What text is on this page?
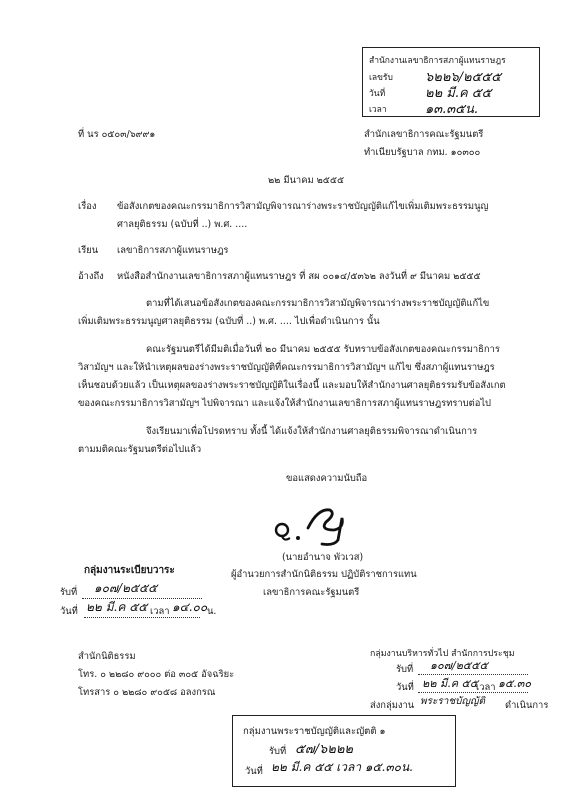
สำนักงานเลขาธิการสภาผู้แทนราษฎร
เลขรับ ๖๒๒๖/๒๕๕๕
วันที่	๒๒ มี.ค ๕๕
เวลา	๑๓.๓๕น.
ที่ นร ๐๕๐๓/๖๙๙๑	สำนักเลขาธิการคณะรัฐมนตรี
ทำเนียบรัฐบาล กทม. ๑๐๓๐๐
๒๒ มีนาคม ๒๕๕๕
เรื่อง ข้อสังเกตของคณะกรรมาธิการวิสามัญพิจารณาร่างพระราชบัญญัติแก้ไขเพิ่มเติมพระธรรมนูญ
ศาลยุติธรรม (ฉบับที่ ..) พ.ศ. ....
เรียน เลขาธิการสภาผู้แทนราษฎร
อ้างถึง หนังสือสำนักงานเลขาธิการสภาผู้แทนราษฎร ที่ สผ ๐๐๑๔/๕๓๖๒ ลงวันที่ ๙ มีนาคม ๒๕๕๕
ตามที่ได้เสนอข้อสังเกตของคณะกรรมาธิการวิสามัญพิจารณาร่างพระราชบัญญัติแก้ไข
เพิ่มเติมพระธรรมนูญศาลยุติธรรม (ฉบับที่ ..) พ.ศ. .... ไปเพื่อดำเนินการ นั้น
คณะรัฐมนตรีได้มีมติเมื่อวันที่ ๒๐ มีนาคม ๒๕๕๕ รับทราบข้อสังเกตของคณะกรรมาธิการ
วิสามัญฯ และให้นำเหตุผลของร่างพระราชบัญญัติที่คณะกรรมาธิการวิสามัญฯ แก้ไข ซึ่งสภาผู้แทนราษฎร
เห็นชอบด้วยแล้ว เป็นเหตุผลของร่างพระราชบัญญัติในเรื่องนี้ และมอบให้สำนักงานศาลยุติธรรมรับข้อสังเกต
ของคณะกรรมาธิการวิสามัญฯ ไปพิจารณา และแจ้งให้สำนักงานเลขาธิการสภาผู้แทนราษฎรทราบต่อไป
จึงเรียนมาเพื่อโปรดทราบ ทั้งนี้ ได้แจ้งให้สำนักงานศาลยุติธรรมพิจารณาดำเนินการ
ตามมติคณะรัฐมนตรีต่อไปแล้ว
ขอแสดงความนับถือ
(นายอำนาจ พัวเวส)
ผู้อำนวยการสำนักนิติธรรม ปฏิบัติราชการแทน
เลขาธิการคณะรัฐมนตรี
กลุ่มงานระเบียบวาระ
รับที่ ๑๐๗/๒๕๕๕
วันที่ ๒๒ มี.ค ๕๕ เวลา ๑๔.๐๐ น.
สำนักนิติธรรม
โทร. ๐ ๒๒๘๐ ๙๐๐๐ ต่อ ๓๐๕ อัจฉริยะ
โทรสาร ๐ ๒๒๘๐ ๙๐๕๘ อลงกรณ
กลุ่มงานบริหารทั่วไป สำนักการประชุม
รับที่ ๑๐๗/๒๕๕๕
วันที่ ๒๒ มี.ค ๕๕
เวลา ๑๕.๓๐
ส่งกลุ่มงาน พระราชบัญญัติ ดำเนินการ
กลุ่มงานพระราชบัญญัติและญัตติ ๑
รับที่ ๕๗/๖๒๒๒
วันที่ ๒๒ มี.ค ๕๕ เวลา ๑๕.๓๐น.
